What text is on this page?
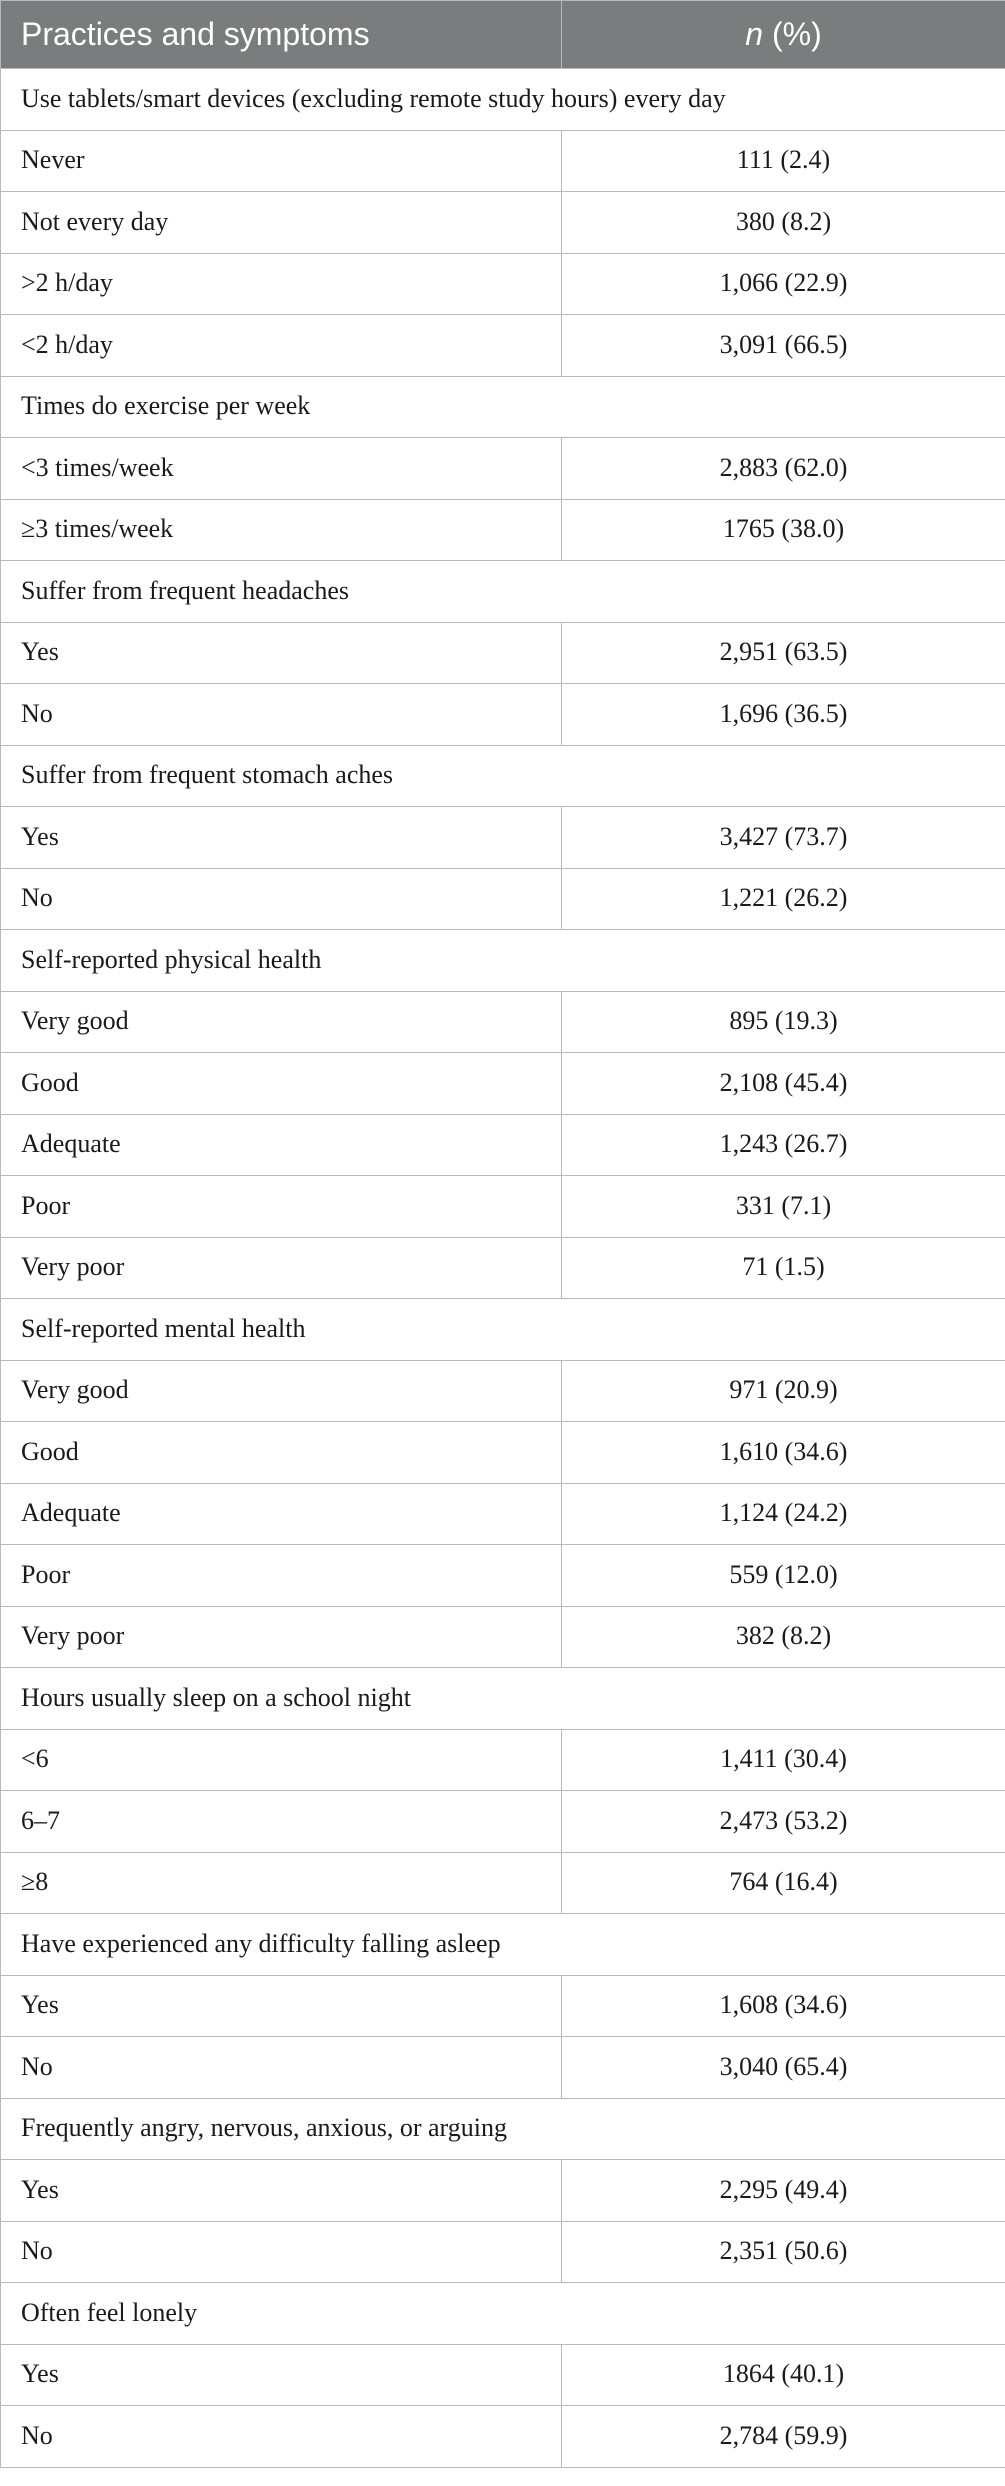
Practices and symptoms	n (%)
Use tablets/smart devices (excluding remote study hours) every day	
Never	111 (2.4)
Not every day	380 (8.2)
>2 h/day	1,066 (22.9)
<2 h/day	3,091 (66.5)
Times do exercise per week	
<3 times/week	2,883 (62.0)
≥3 times/week	1765 (38.0)
Suffer from frequent headaches	
Yes	2,951 (63.5)
No	1,696 (36.5)
Suffer from frequent stomach aches	
Yes	3,427 (73.7)
No	1,221 (26.2)
Self-reported physical health	
Very good	895 (19.3)
Good	2,108 (45.4)
Adequate	1,243 (26.7)
Poor	331 (7.1)
Very poor	71 (1.5)
Self-reported mental health	
Very good	971 (20.9)
Good	1,610 (34.6)
Adequate	1,124 (24.2)
Poor	559 (12.0)
Very poor	382 (8.2)
Hours usually sleep on a school night	
<6	1,411 (30.4)
6–7	2,473 (53.2)
≥8	764 (16.4)
Have experienced any difficulty falling asleep	
Yes	1,608 (34.6)
No	3,040 (65.4)
Frequently angry, nervous, anxious, or arguing	
Yes	2,295 (49.4)
No	2,351 (50.6)
Often feel lonely	
Yes	1864 (40.1)
No	2,784 (59.9)
